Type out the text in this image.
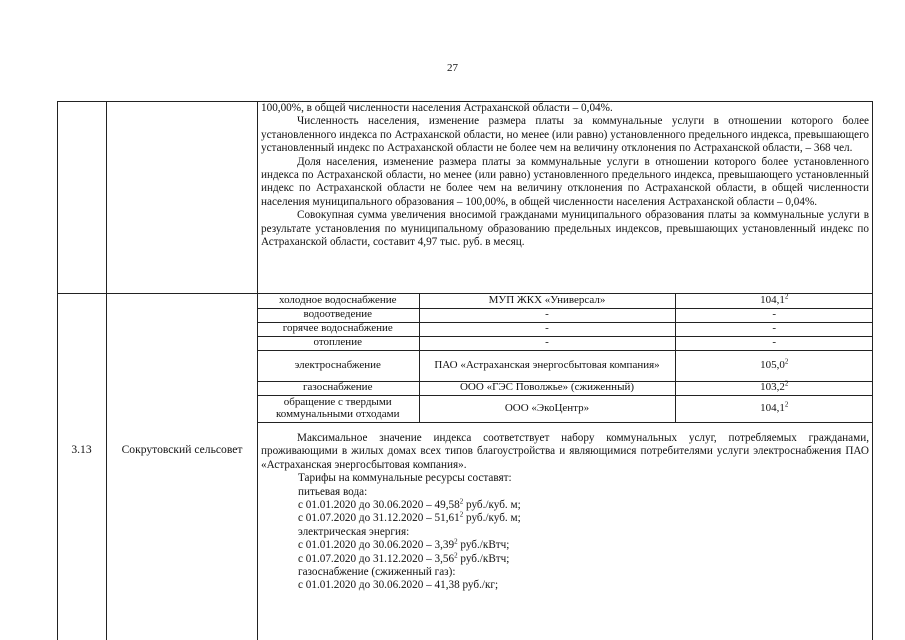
27

100,00%, в общей численности населения Астраханской области – 0,04%.

Численность населения, изменение размера платы за коммунальные услуги в отношении которого более установленного индекса по Астраханской области, но менее (или равно) установленного предельного индекса, превышающего установленный индекс по Астраханской области не более чем на величину отклонения по Астраханской области, – 368 чел.

Доля населения, изменение размера платы за коммунальные услуги в отношении которого более установленного индекса по Астраханской области, но менее (или равно) установленного предельного индекса, превышающего установленный индекс по Астраханской области не более чем на величину отклонения по Астраханской области, в общей численности населения муниципального образования – 100,00%, в общей численности населения Астраханской области – 0,04%.

Совокупная сумма увеличения вносимой гражданами муниципального образования платы за коммунальные услуги в результате установления по муниципальному образованию предельных индексов, превышающих установленный индекс по Астраханской области, составит 4,97 тыс. руб. в месяц.

3.13	Сокрутовский сельсовет
холодное водоснабжение	МУП ЖКХ «Универсал»	104,1$^2$
водоотведение	-	-
горячее водоснабжение	-	-
отопление	-	-
электроснабжение	ПАО «Астраханская энергосбытовая компания»	105,0$^2$
газоснабжение	ООО «ГЭС Поволжье» (сжиженный)	103,2$^2$
обращение с твердыми коммунальными отходами	ООО «ЭкоЦентр»	104,1$^2$

Максимальное значение индекса соответствует набору коммунальных услуг, потребляемых гражданами, проживающими в жилых домах всех типов благоустройства и являющимися потребителями услуги электроснабжения ПАО «Астраханская энергосбытовая компания».

Тарифы на коммунальные ресурсы составят:

питьевая вода:

с 01.01.2020 до 30.06.2020 – 49,58$^2$ руб./куб. м;

с 01.07.2020 до 31.12.2020 – 51,61$^2$ руб./куб. м;

электрическая энергия:

с 01.01.2020 до 30.06.2020 – 3,39$^2$ руб./кВтч;

с 01.07.2020 до 31.12.2020 – 3,56$^2$ руб./кВтч;

газоснабжение (сжиженный газ):

с 01.01.2020 до 30.06.2020 – 41,38 руб./кг;
